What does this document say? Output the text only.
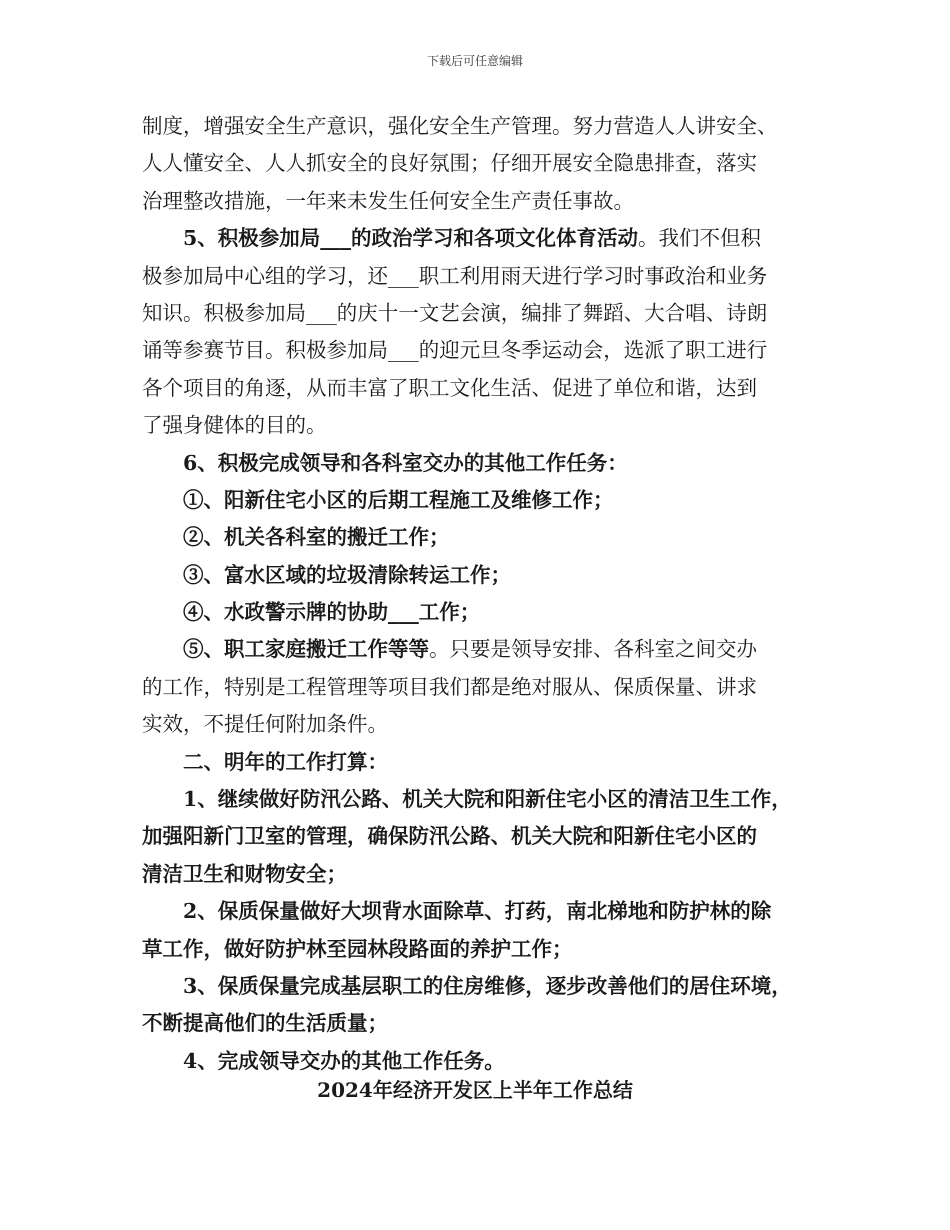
下载后可任意编辑
制度，增强安全生产意识，强化安全生产管理。努力营造人人讲安全、
人人懂安全、人人抓安全的良好氛围；仔细开展安全隐患排查，落实
治理整改措施，一年来未发生任何安全生产责任事故。
5、积极参加局___的政治学习和各项文化体育活动。我们不但积
极参加局中心组的学习，还___职工利用雨天进行学习时事政治和业务
知识。积极参加局___的庆十一文艺会演，编排了舞蹈、大合唱、诗朗
诵等参赛节目。积极参加局___的迎元旦冬季运动会，选派了职工进行
各个项目的角逐，从而丰富了职工文化生活、促进了单位和谐，达到
了强身健体的目的。
6、积极完成领导和各科室交办的其他工作任务：
①、阳新住宅小区的后期工程施工及维修工作；
②、机关各科室的搬迁工作；
③、富水区域的垃圾清除转运工作；
④、水政警示牌的协助___工作；
⑤、职工家庭搬迁工作等等。只要是领导安排、各科室之间交办
的工作，特别是工程管理等项目我们都是绝对服从、保质保量、讲求
实效，不提任何附加条件。
二、明年的工作打算：
1、继续做好防汛公路、机关大院和阳新住宅小区的清洁卫生工作，
加强阳新门卫室的管理，确保防汛公路、机关大院和阳新住宅小区的
清洁卫生和财物安全；
2、保质保量做好大坝背水面除草、打药，南北梯地和防护林的除
草工作，做好防护林至园林段路面的养护工作；
3、保质保量完成基层职工的住房维修，逐步改善他们的居住环境，
不断提高他们的生活质量；
4、完成领导交办的其他工作任务。
2024年经济开发区上半年工作总结
